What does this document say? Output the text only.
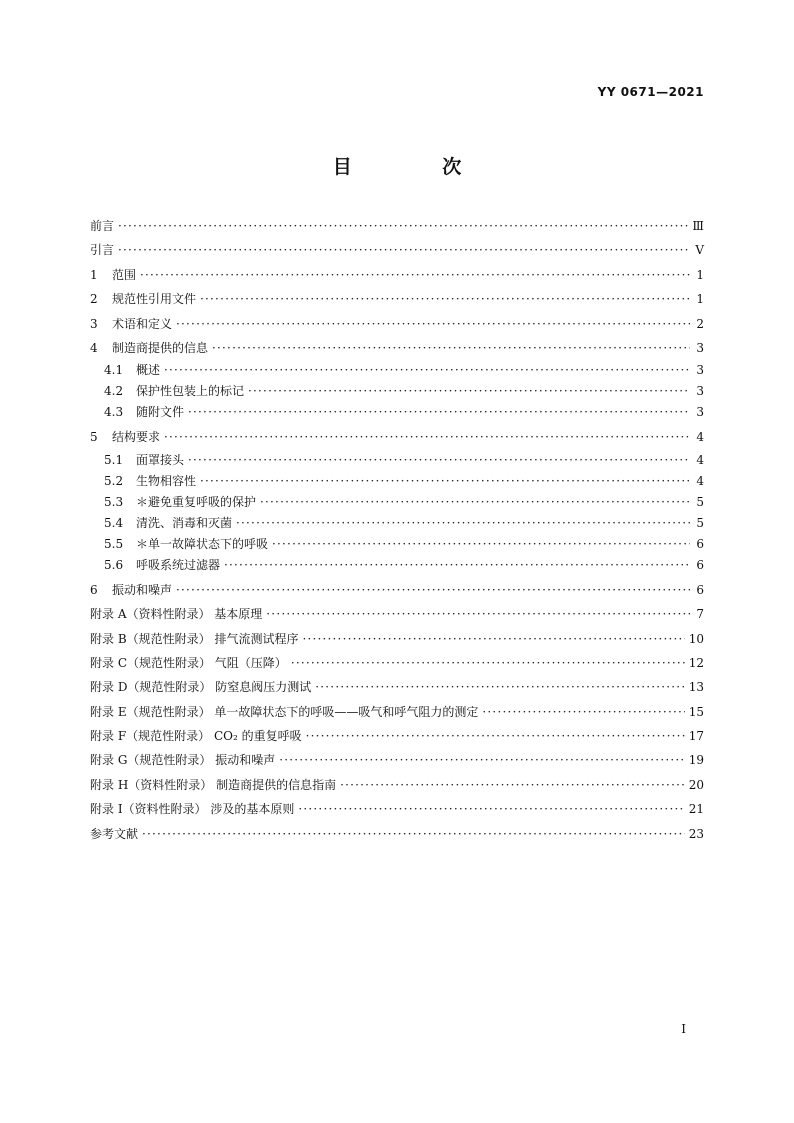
YY 0671—2021
目 次
前言 ·····	Ⅲ
引言 ·····	Ⅴ
1	范围 ·····	1
2	规范性引用文件 ·····	1
3	术语和定义 ·····	2
4	制造商提供的信息 ·····	3
4.1	概述 ·····	3
4.2	保护性包装上的标记 ·····	3
4.3	随附文件 ·····	3
5	结构要求 ·····	4
5.1	面罩接头 ·····	4
5.2	生物相容性 ·····	4
5.3	＊避免重复呼吸的保护 ·····	5
5.4	清洗、消毒和灭菌 ·····	5
5.5	＊单一故障状态下的呼吸 ·····	6
5.6	呼吸系统过滤器 ·····	6
6	振动和噪声 ·····	6
附录 A（资料性附录） 基本原理 ·····	7
附录 B（规范性附录） 排气流测试程序 ·····	10
附录 C（规范性附录） 气阻（压降） ·····	12
附录 D（规范性附录） 防窒息阀压力测试 ·····	13
附录 E（规范性附录） 单一故障状态下的呼吸——吸气和呼气阻力的测定 ·····	15
附录 F（规范性附录） CO₂ 的重复呼吸 ·····	17
附录 G（规范性附录） 振动和噪声 ·····	19
附录 H（资料性附录） 制造商提供的信息指南 ·····	20
附录 I（资料性附录） 涉及的基本原则 ·····	21
参考文献 ·····	23
I
